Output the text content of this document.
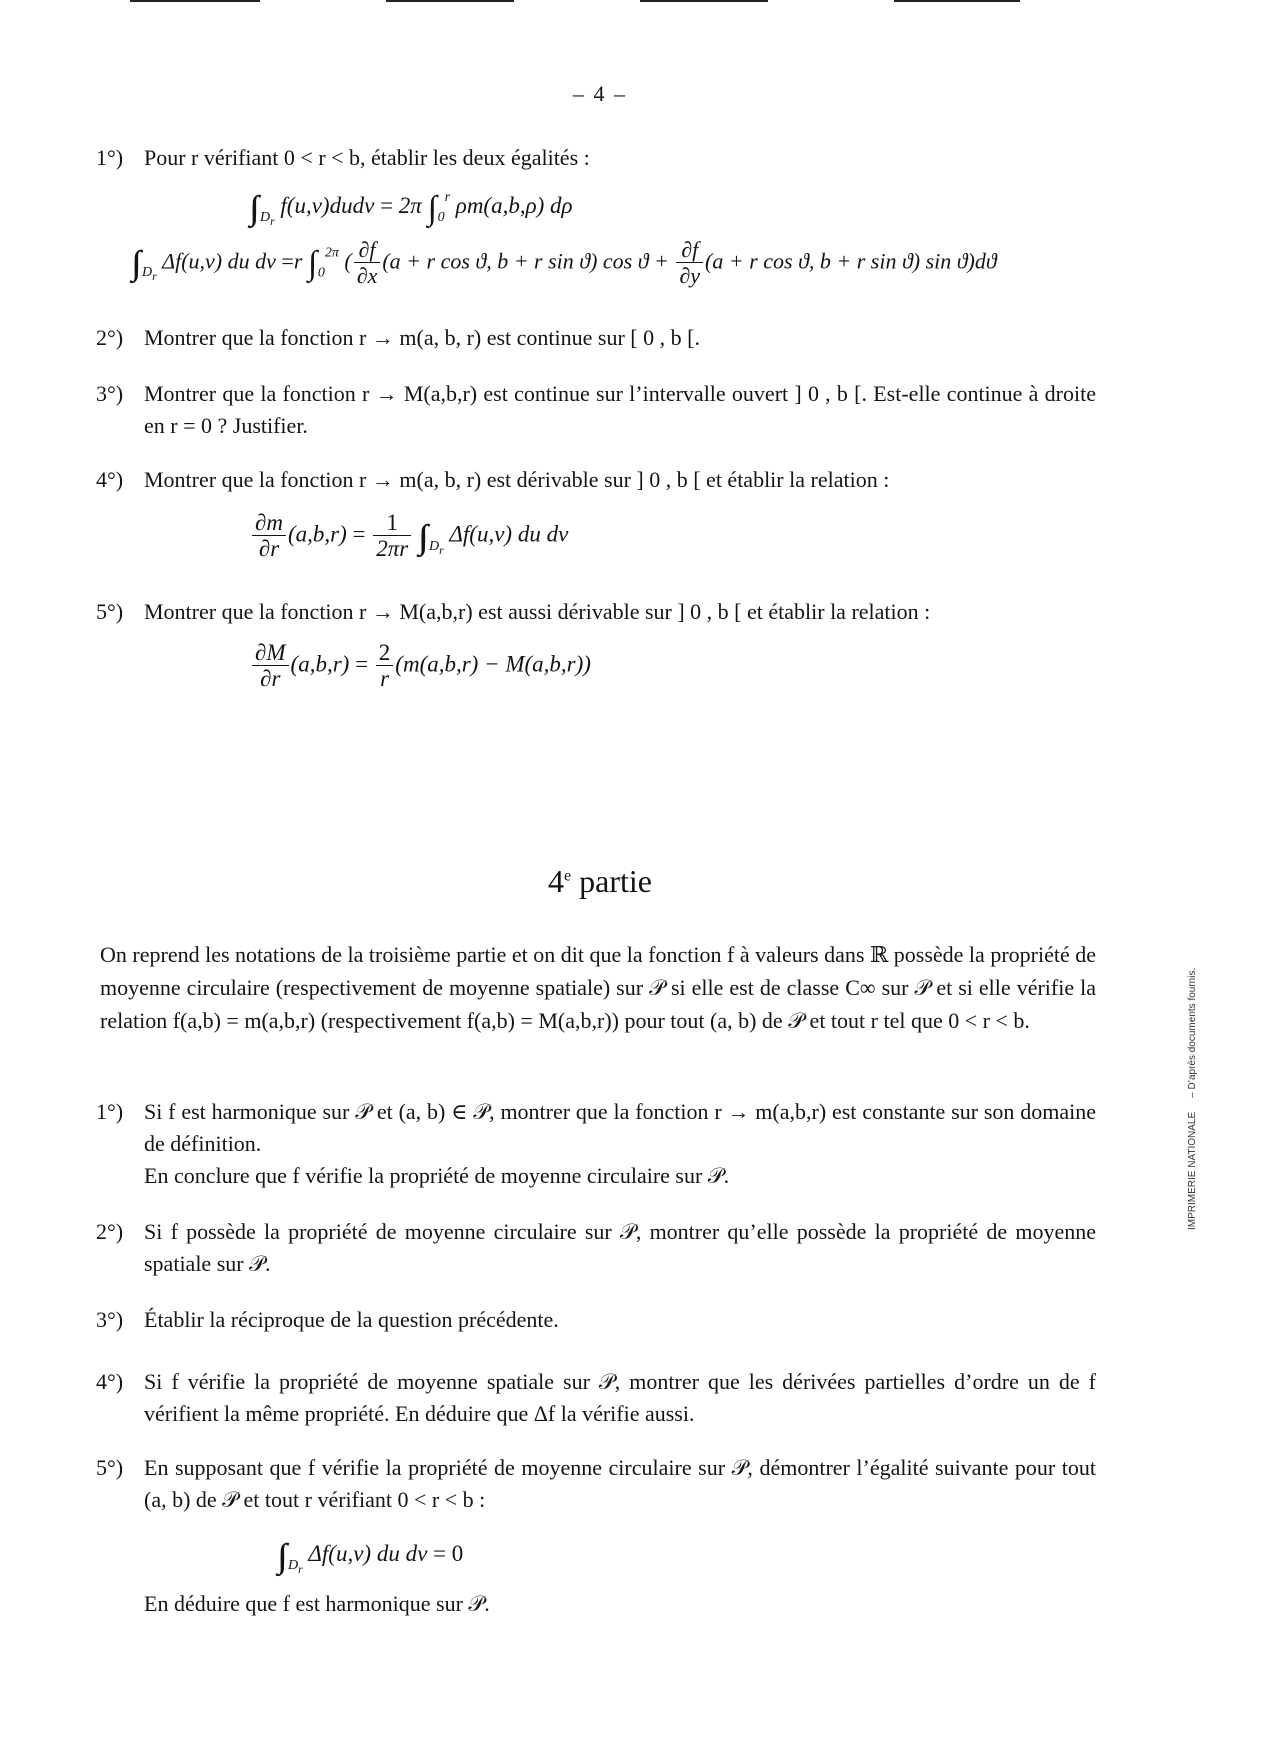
– 4 –
1°) Pour r vérifiant 0 < r < b, établir les deux égalités :
$_{D_r}$ f(u,v)dudv = 2π $_0^r$ ρm(a,b,ρ) dρ
$_{D_r}$ Δf(u,v) du dv =r $_0^{2\pi}$ ( $\frac{\partial f}{\partial x} (a + r$ cos ϑ, b + r sin ϑ) $\cos ϑ + \frac{\partial f}{\partial y} (a + r$ cos ϑ, b + r sin ϑ) sin ϑ)dϑ
2°) Montrer que la fonction r → m(a, b, r) est continue sur [ 0 , b [.
3°) Montrer que la fonction r → M(a,b,r) est continue sur l’intervalle ouvert ] 0 , b [. Est-elle continue à droite en r = 0 ? Justifier.
4°) Montrer que la fonction r → m(a, b, r) est dérivable sur ] 0 , b [ et établir la relation :
$\frac{\partial m}{\partial r} (a,b,r) = \frac{1}{2\pi r} _{D_r}$ Δf(u,v) du dv
5°) Montrer que la fonction r → M(a,b,r) est aussi dérivable sur ] 0 , b [ et établir la relation :
$\frac{\partial M}{\partial r} (a,b,r) = \frac{2}{r} (m(a,b,r) - M(a,b,r))$
4e partie
On reprend les notations de la troisième partie et on dit que la fonction f à valeurs dans ℝ possède la propriété de moyenne circulaire (respectivement de moyenne spatiale) sur 𝒫 si elle est de classe C∞ sur 𝒫 et si elle vérifie la relation f(a,b) = m(a,b,r) (respectivement f(a,b) = M(a,b,r)) pour tout (a, b) de 𝒫 et tout r tel que 0 < r < b.
1°) Si f est harmonique sur 𝒫 et (a, b) ∈ 𝒫, montrer que la fonction r → m(a,b,r) est constante sur son domaine de définition.
En conclure que f vérifie la propriété de moyenne circulaire sur 𝒫.
2°) Si f possède la propriété de moyenne circulaire sur 𝒫, montrer qu’elle possède la propriété de moyenne spatiale sur 𝒫.
3°) Établir la réciproque de la question précédente.
4°) Si f vérifie la propriété de moyenne spatiale sur 𝒫, montrer que les dérivées partielles d’ordre un de f vérifient la même propriété. En déduire que Δf la vérifie aussi.
5°) En supposant que f vérifie la propriété de moyenne circulaire sur 𝒫, démontrer l’égalité suivante pour tout (a, b) de 𝒫 et tout r vérifiant 0 < r < b :
$_{D_r}$ Δf(u,v) du dv = 0
En déduire que f est harmonique sur 𝒫.
IMPRIMERIE NATIONALE– D’après documents fournis.
